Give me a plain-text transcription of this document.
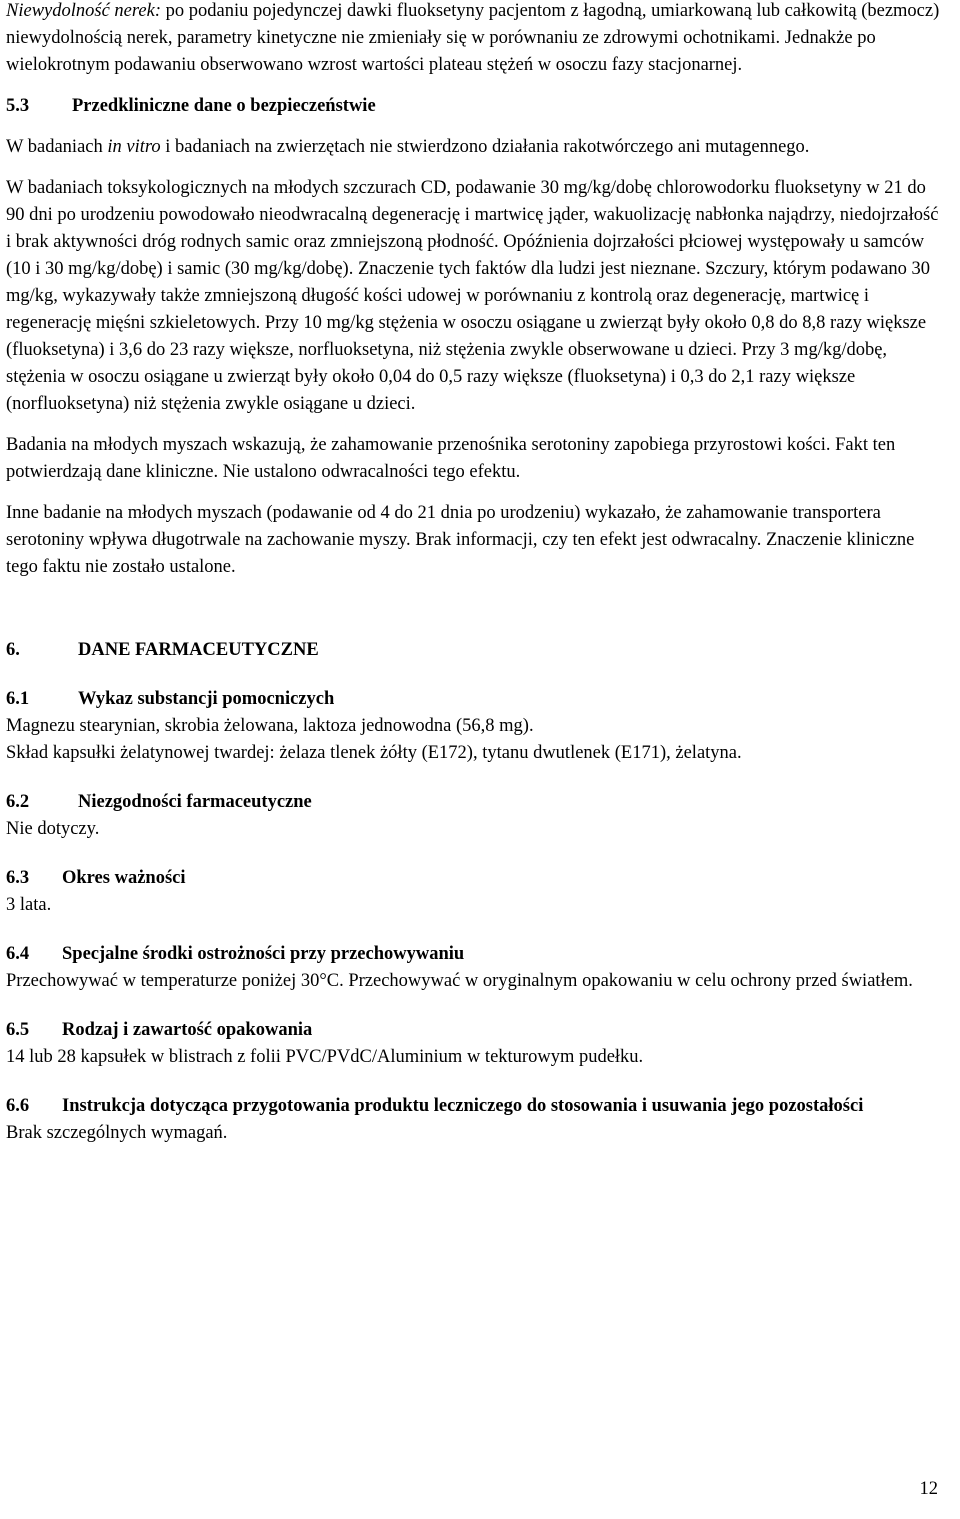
Niewydolność nerek: po podaniu pojedynczej dawki fluoksetyny pacjentom z łagodną, umiarkowaną lub całkowitą (bezmocz) niewydolnością nerek, parametry kinetyczne nie zmieniały się w porównaniu ze zdrowymi ochotnikami. Jednakże po wielokrotnym podawaniu obserwowano wzrost wartości plateau stężeń w osoczu fazy stacjonarnej.

5.3	Przedkliniczne dane o bezpieczeństwie

W badaniach in vitro i badaniach na zwierzętach nie stwierdzono działania rakotwórczego ani mutagennego.

W badaniach toksykologicznych na młodych szczurach CD, podawanie 30 mg/kg/dobę chlorowodorku fluoksetyny w 21 do 90 dni po urodzeniu powodowało nieodwracalną degenerację i martwicę jąder, wakuolizację nabłonka najądrzy, niedojrzałość i brak aktywności dróg rodnych samic oraz zmniejszoną płodność. Opóźnienia dojrzałości płciowej występowały u samców (10 i 30 mg/kg/dobę) i samic (30 mg/kg/dobę). Znaczenie tych faktów dla ludzi jest nieznane. Szczury, którym podawano 30 mg/kg, wykazywały także zmniejszoną długość kości udowej w porównaniu z kontrolą oraz degenerację, martwicę i regenerację mięśni szkieletowych. Przy 10 mg/kg stężenia w osoczu osiągane u zwierząt były około 0,8 do 8,8 razy większe (fluoksetyna) i 3,6 do 23 razy większe, norfluoksetyna, niż stężenia zwykle obserwowane u dzieci. Przy 3 mg/kg/dobę, stężenia w osoczu osiągane u zwierząt były około 0,04 do 0,5 razy większe (fluoksetyna) i 0,3 do 2,1 razy większe (norfluoksetyna) niż stężenia zwykle osiągane u dzieci.

Badania na młodych myszach wskazują, że zahamowanie przenośnika serotoniny zapobiega przyrostowi kości. Fakt ten potwierdzają dane kliniczne. Nie ustalono odwracalności tego efektu.

Inne badanie na młodych myszach (podawanie od 4 do 21 dnia po urodzeniu) wykazało, że zahamowanie transportera serotoniny wpływa długotrwale na zachowanie myszy. Brak informacji, czy ten efekt jest odwracalny. Znaczenie kliniczne tego faktu nie zostało ustalone.

6.	DANE FARMACEUTYCZNE
6.1	Wykaz substancji pomocniczych

Magnezu stearynian, skrobia żelowana, laktoza jednowodna (56,8 mg).

Skład kapsułki żelatynowej twardej: żelaza tlenek żółty (E172), tytanu dwutlenek (E171), żelatyna.

6.2	Niezgodności farmaceutyczne

Nie dotyczy.

6.3	Okres ważności

3 lata.

6.4	Specjalne środki ostrożności przy przechowywaniu

Przechowywać w temperaturze poniżej 30°C. Przechowywać w oryginalnym opakowaniu w celu ochrony przed światłem.

6.5	Rodzaj i zawartość opakowania

14 lub 28 kapsułek w blistrach z folii PVC/PVdC/Aluminium w tekturowym pudełku.

6.6	Instrukcja dotycząca przygotowania produktu leczniczego do stosowania i usuwania jego pozostałości

Brak szczególnych wymagań.

12
